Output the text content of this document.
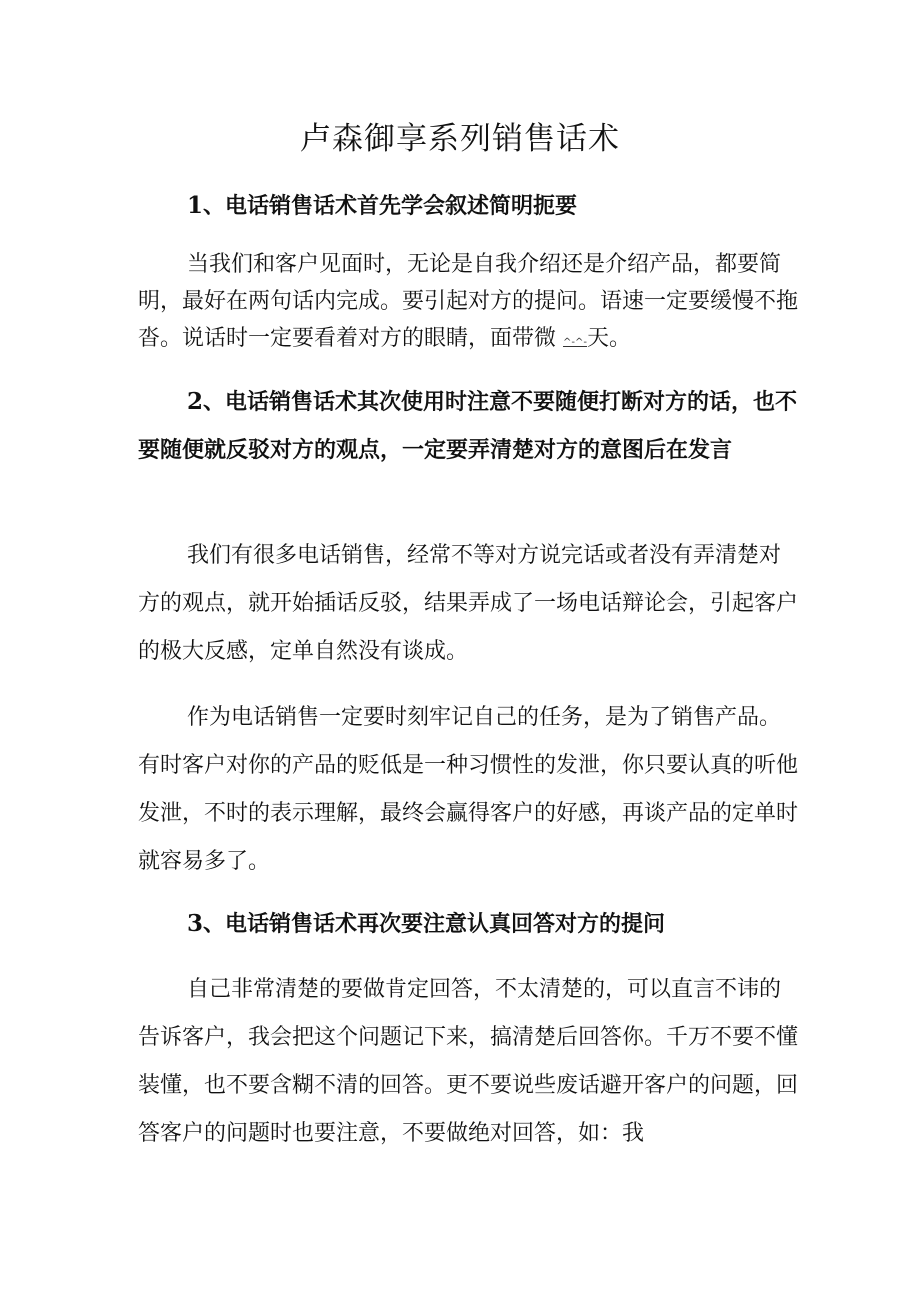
卢森御享系列销售话术
1、电话销售话术首先学会叙述简明扼要

当我们和客户见面时，无论是自我介绍还是介绍产品，都要简明，最好在两句话内完成。要引起对方的提问。语速一定要缓慢不拖沓。说话时一定要看着对方的眼睛，面带微 ^-^-天。

2、电话销售话术其次使用时注意不要随便打断对方的话，也不要随便就反驳对方的观点，一定要弄清楚对方的意图后在发言

我们有很多电话销售，经常不等对方说完话或者没有弄清楚对方的观点，就开始插话反驳，结果弄成了一场电话辩论会，引起客户的极大反感，定单自然没有谈成。

作为电话销售一定要时刻牢记自己的任务，是为了销售产品。有时客户对你的产品的贬低是一种习惯性的发泄，你只要认真的听他发泄，不时的表示理解，最终会赢得客户的好感，再谈产品的定单时就容易多了。

3、电话销售话术再次要注意认真回答对方的提问

自己非常清楚的要做肯定回答，不太清楚的，可以直言不讳的告诉客户，我会把这个问题记下来，搞清楚后回答你。千万不要不懂装懂，也不要含糊不清的回答。更不要说些废话避开客户的问题，回答客户的问题时也要注意，不要做绝对回答，如：我
